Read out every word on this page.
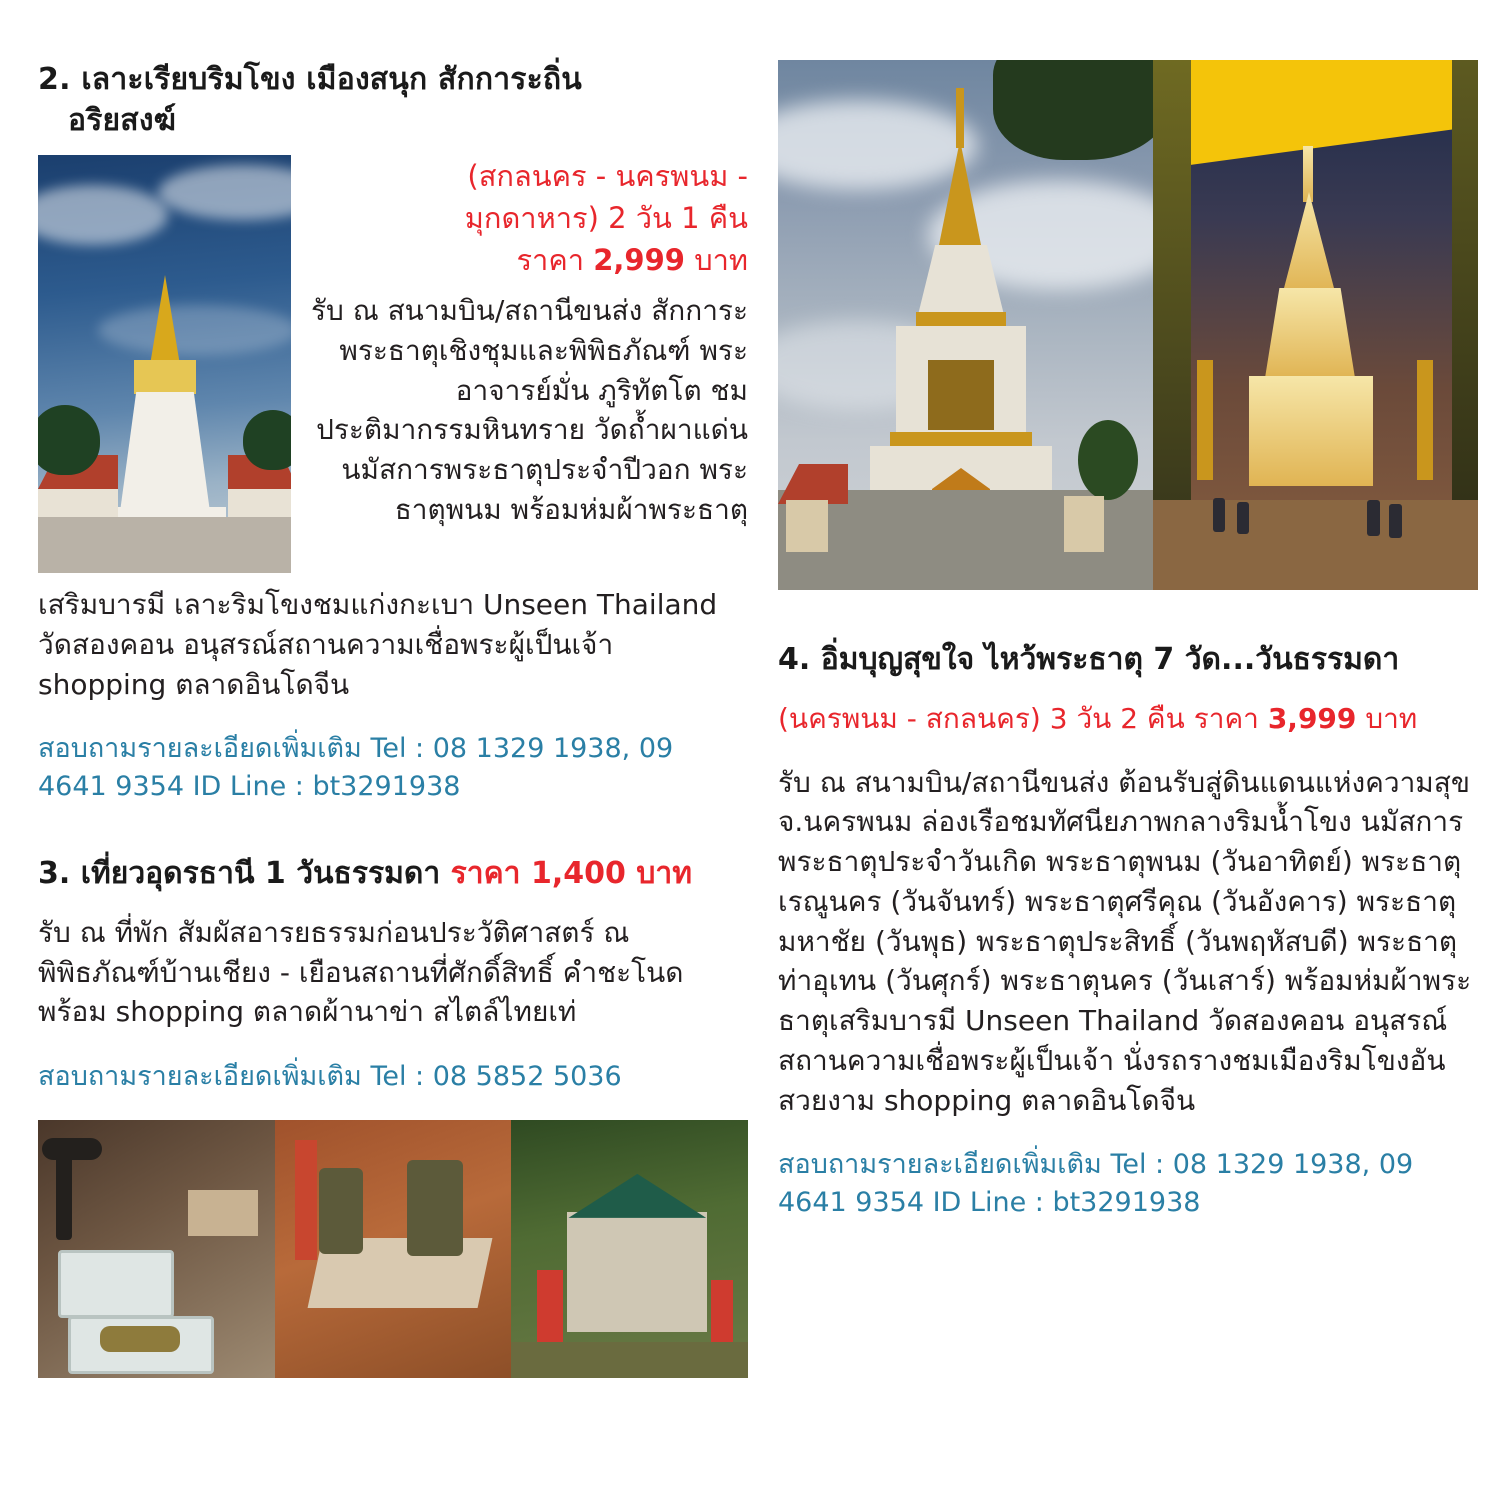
2. เลาะเรียบริมโขง เมืองสนุก สักการะถิ่น
อริยสงฆ์

(สกลนคร - นครพนม -
มุกดาหาร) 2 วัน 1 คืน
ราคา 2,999 บาท

รับ ณ สนามบิน/สถานีขนส่ง สักการะพระธาตุเชิงชุมและพิพิธภัณฑ์ พระอาจารย์มั่น ภูริทัตโต ชมประติมากรรมหินทราย วัดถ้ำผาแด่น นมัสการพระธาตุประจำปีวอก พระธาตุพนม พร้อมห่มผ้าพระธาตุ

เสริมบารมี เลาะริมโขงชมแก่งกะเบา Unseen Thailand วัดสองคอน อนุสรณ์สถานความเชื่อพระผู้เป็นเจ้า shopping ตลาดอินโดจีน

สอบถามรายละเอียดเพิ่มเติม Tel : 08 1329 1938, 09 4641 9354 ID Line : bt3291938

3. เที่ยวอุดรธานี 1 วันธรรมดา ราคา 1,400 บาท

รับ ณ ที่พัก สัมผัสอารยธรรมก่อนประวัติศาสตร์ ณ พิพิธภัณฑ์บ้านเชียง - เยือนสถานที่ศักดิ์สิทธิ์ คำชะโนด พร้อม shopping ตลาดผ้านาข่า สไตล์ไทยเท่

สอบถามรายละเอียดเพิ่มเติม Tel : 08 5852 5036

4. อิ่มบุญสุขใจ ไหว้พระธาตุ 7 วัด...วันธรรมดา

(นครพนม - สกลนคร) 3 วัน 2 คืน ราคา 3,999 บาท

รับ ณ สนามบิน/สถานีขนส่ง ต้อนรับสู่ดินแดนแห่งความสุข จ.นครพนม ล่องเรือชมทัศนียภาพกลางริมน้ำโขง นมัสการพระธาตุประจำวันเกิด พระธาตุพนม (วันอาทิตย์) พระธาตุเรณูนคร (วันจันทร์) พระธาตุศรีคุณ (วันอังคาร) พระธาตุมหาชัย (วันพุธ) พระธาตุประสิทธิ์ (วันพฤหัสบดี) พระธาตุท่าอุเทน (วันศุกร์) พระธาตุนคร (วันเสาร์) พร้อมห่มผ้าพระธาตุเสริมบารมี Unseen Thailand วัดสองคอน อนุสรณ์สถานความเชื่อพระผู้เป็นเจ้า นั่งรถรางชมเมืองริมโขงอันสวยงาม shopping ตลาดอินโดจีน

สอบถามรายละเอียดเพิ่มเติม Tel : 08 1329 1938, 09 4641 9354 ID Line : bt3291938
